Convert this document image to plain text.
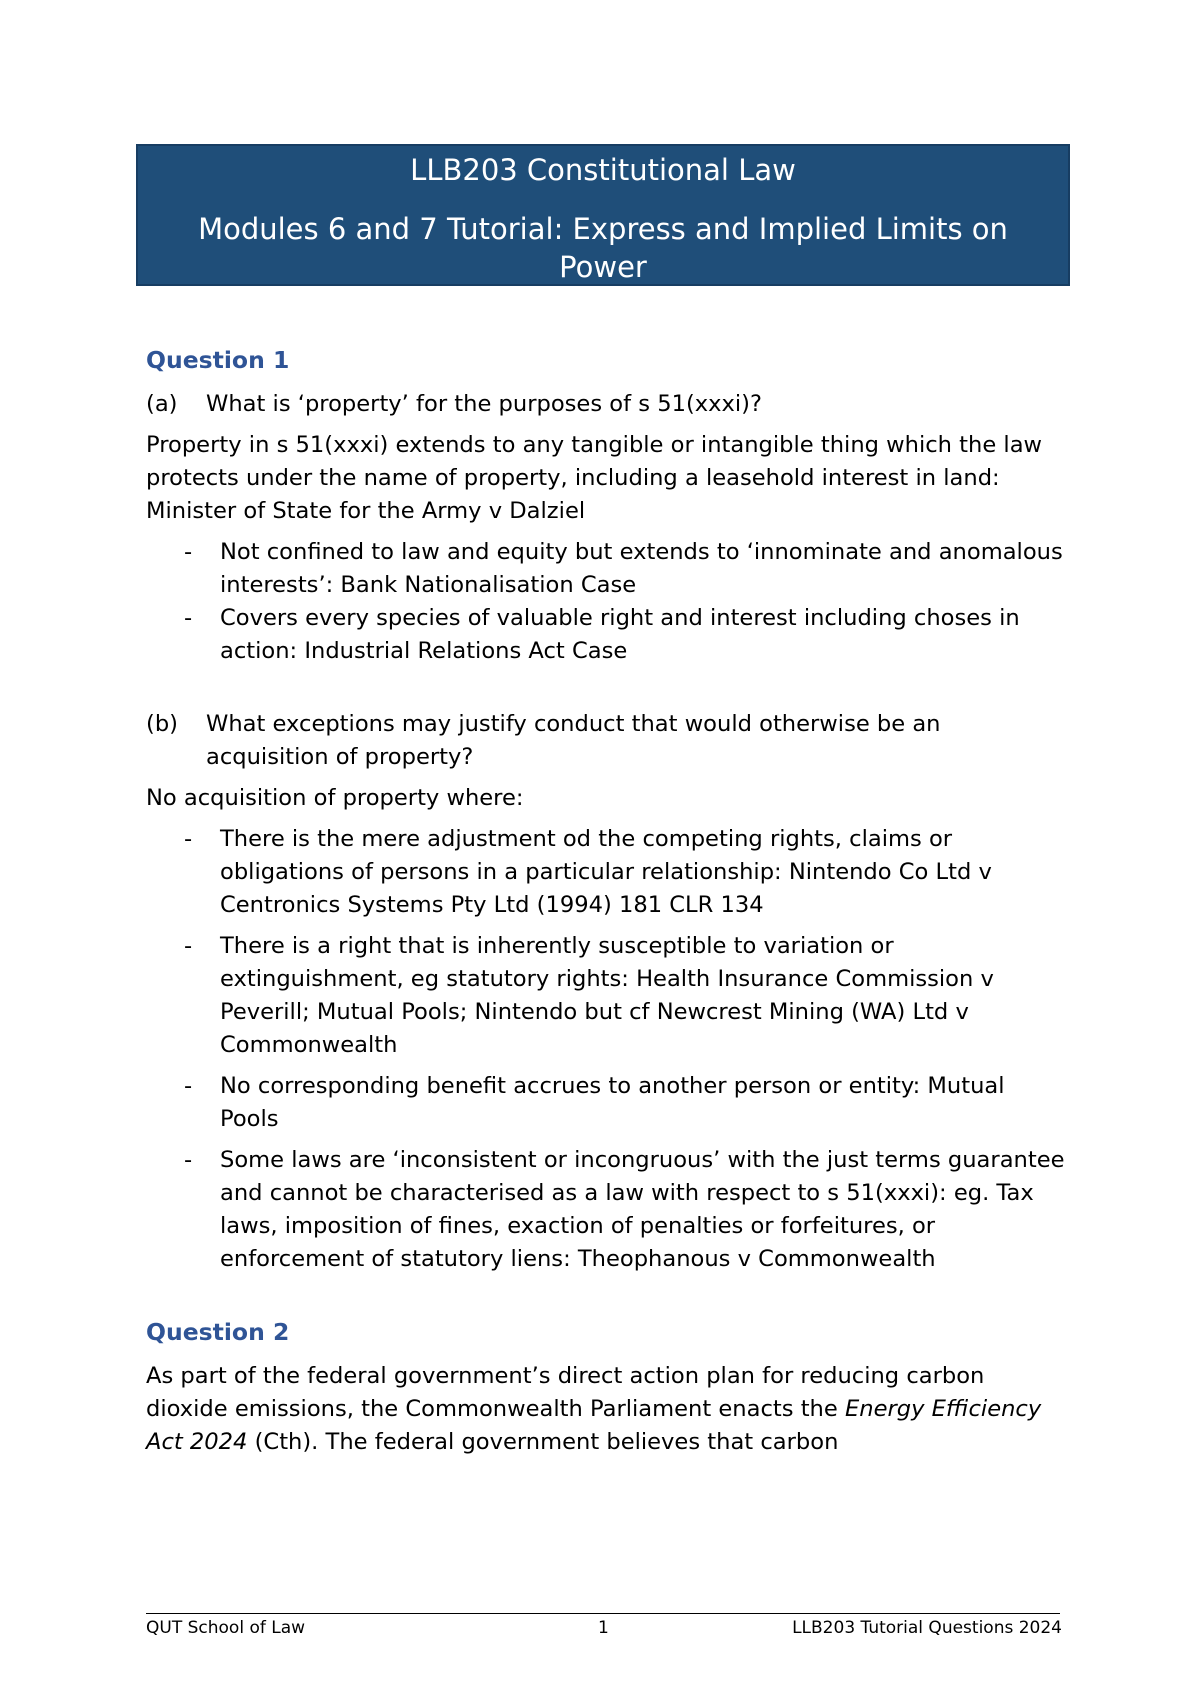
LLB203 Constitutional Law
Modules 6 and 7 Tutorial: Express and Implied Limits on Power
Question 1
(a)	What is ‘property’ for the purposes of s 51(xxxi)?

Property in s 51(xxxi) extends to any tangible or intangible thing which the law protects under the name of property, including a leasehold interest in land: Minister of State for the Army v Dalziel

- Not confined to law and equity but extends to ‘innominate and anomalous interests’: Bank Nationalisation Case
- Covers every species of valuable right and interest including choses in action: Industrial Relations Act Case
(b)	What exceptions may justify conduct that would otherwise be an acquisition of property?

No acquisition of property where:

- There is the mere adjustment od the competing rights, claims or obligations of persons in a particular relationship: Nintendo Co Ltd v Centronics Systems Pty Ltd (1994) 181 CLR 134
- There is a right that is inherently susceptible to variation or extinguishment, eg statutory rights: Health Insurance Commission v Peverill; Mutual Pools; Nintendo but cf Newcrest Mining (WA) Ltd v Commonwealth
- No corresponding benefit accrues to another person or entity: Mutual Pools
- Some laws are ‘inconsistent or incongruous’ with the just terms guarantee and cannot be characterised as a law with respect to s 51(xxxi): eg. Tax laws, imposition of fines, exaction of penalties or forfeitures, or enforcement of statutory liens: Theophanous v Commonwealth
Question 2

As part of the federal government’s direct action plan for reducing carbon dioxide emissions, the Commonwealth Parliament enacts the Energy Efficiency Act 2024 (Cth). The federal government believes that carbon

QUT School of Law	1	LLB203 Tutorial Questions 2024
